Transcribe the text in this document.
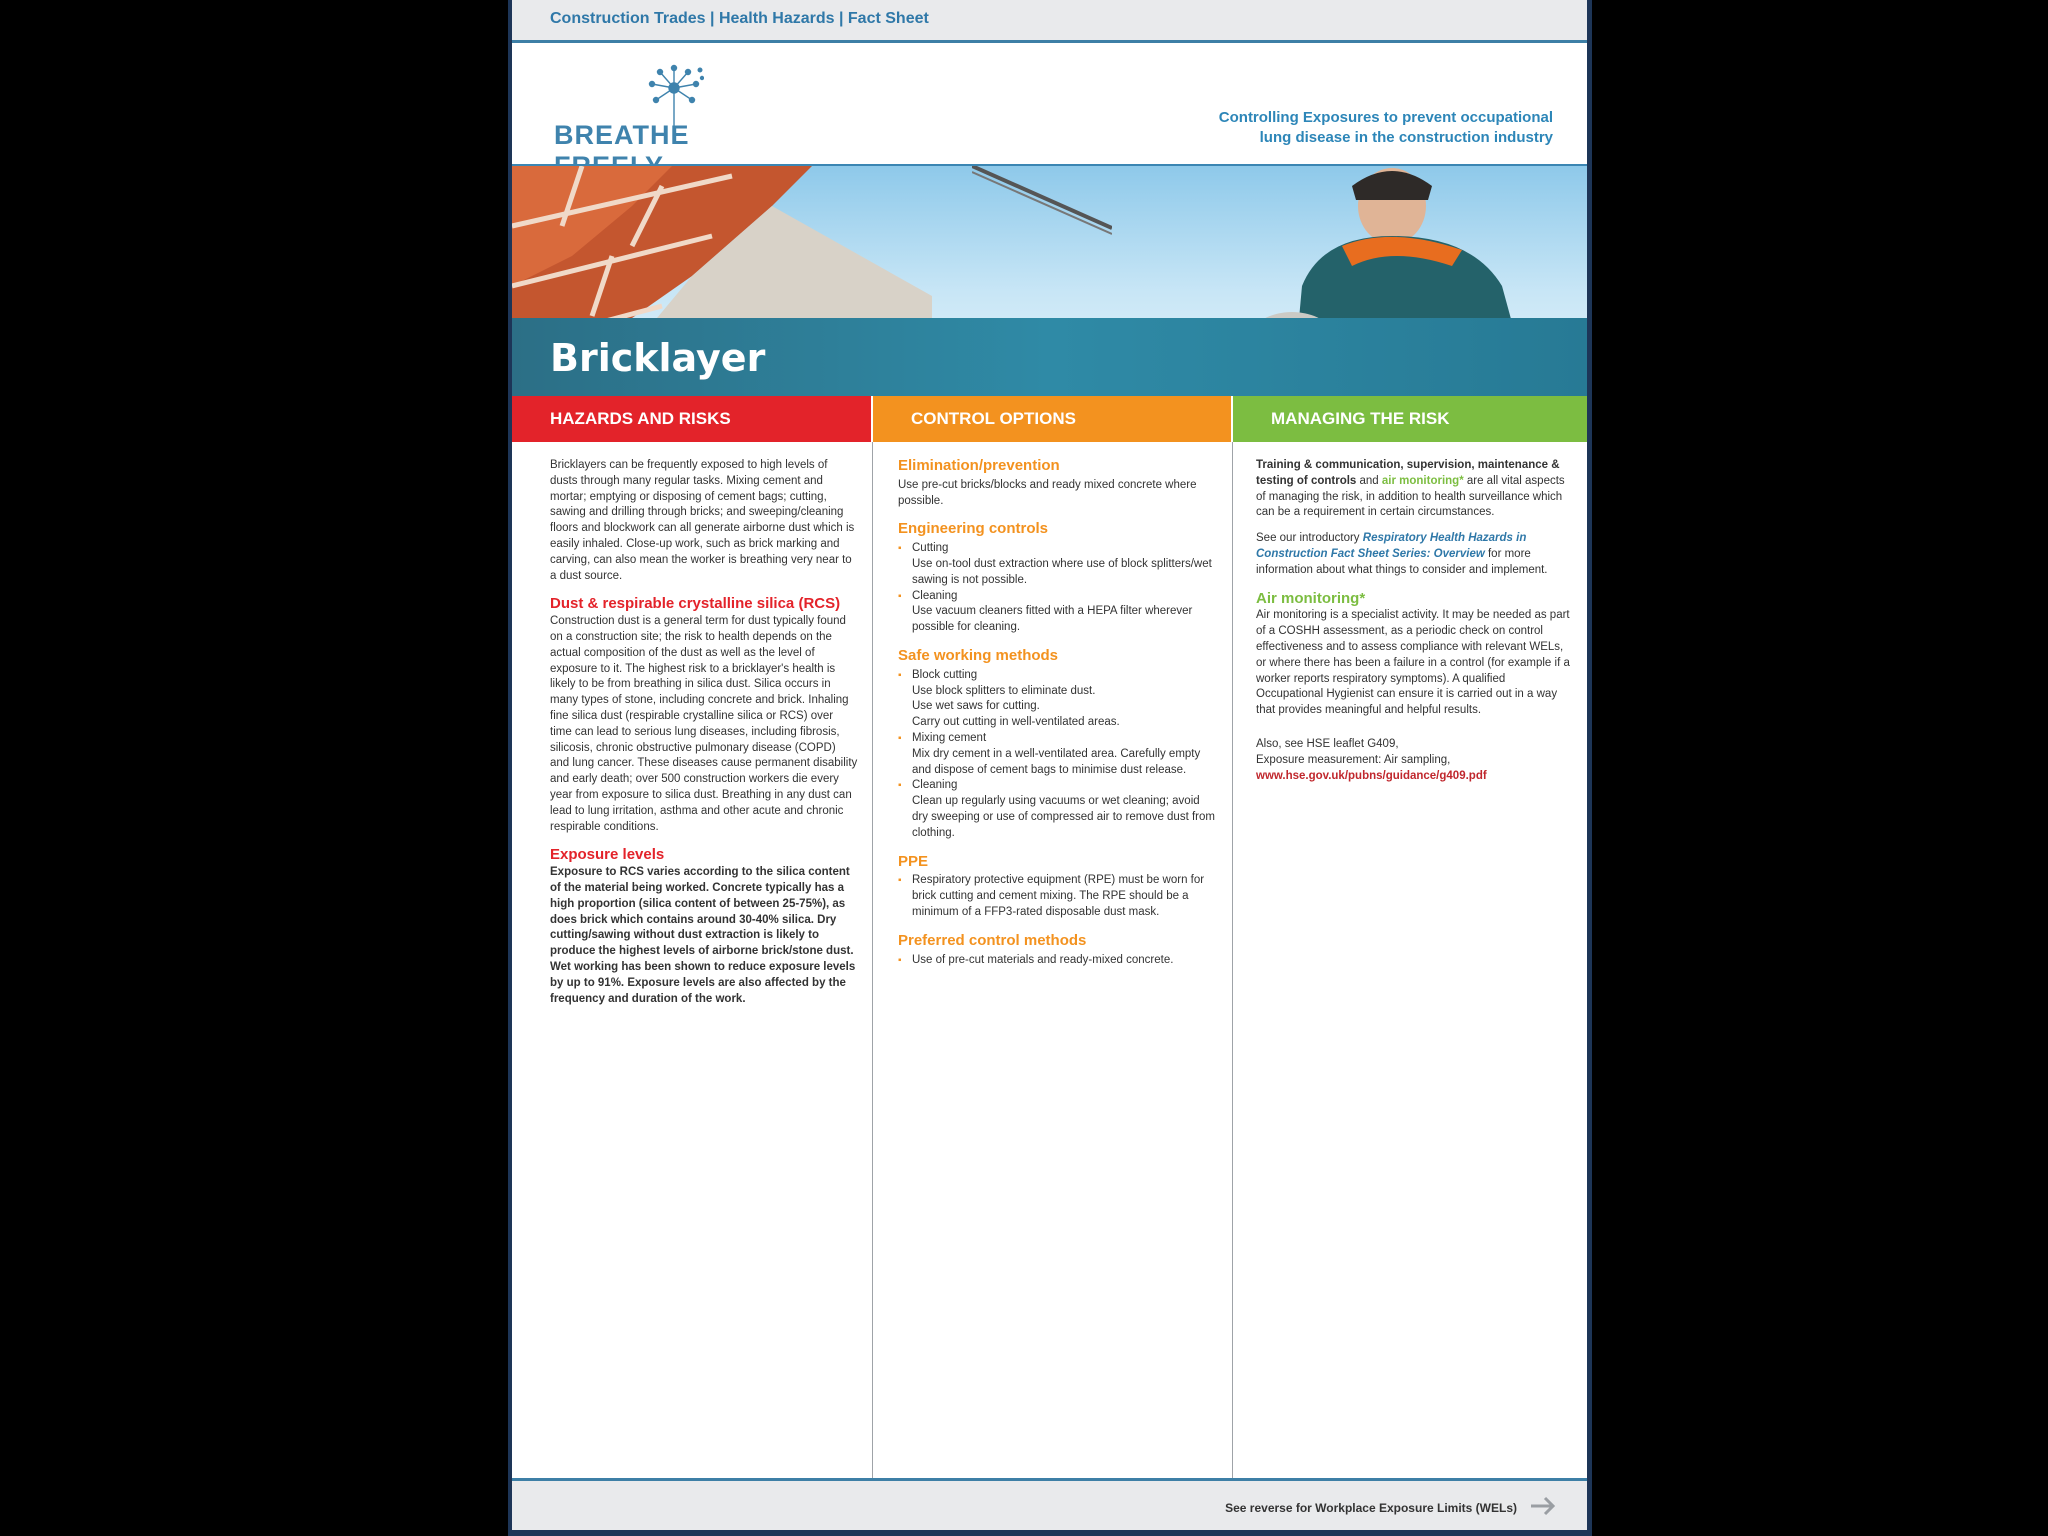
Construction Trades | Health Hazards | Fact Sheet
BREATHE
Controlling Exposures to prevent occupational
lung disease in the construction industry
Bricklayer
HAZARDS AND RISKS	CONTROL OPTIONS	MANAGING THE RISK

Bricklayers can be frequently exposed to high levels of dusts through many regular tasks. Mixing cement and mortar; emptying or disposing of cement bags; cutting, sawing and drilling through bricks; and sweeping/cleaning floors and blockwork can all generate airborne dust which is easily inhaled. Close-up work, such as brick marking and carving, can also mean the worker is breathing very near to a dust source.

Dust & respirable crystalline silica (RCS)

Construction dust is a general term for dust typically found on a construction site; the risk to health depends on the actual composition of the dust as well as the level of exposure to it. The highest risk to a bricklayer's health is likely to be from breathing in silica dust. Silica occurs in many types of stone, including concrete and brick. Inhaling fine silica dust (respirable crystalline silica or RCS) over time can lead to serious lung diseases, including fibrosis, silicosis, chronic obstructive pulmonary disease (COPD) and lung cancer. These diseases cause permanent disability and early death; over 500 construction workers die every year from exposure to silica dust. Breathing in any dust can lead to lung irritation, asthma and other acute and chronic respirable conditions.

Exposure levels

Exposure to RCS varies according to the silica content of the material being worked. Concrete typically has a high proportion (silica content of between 25-75%), as does brick which contains around 30-40% silica. Dry cutting/sawing without dust extraction is likely to produce the highest levels of airborne brick/stone dust. Wet working has been shown to reduce exposure levels by up to 91%. Exposure levels are also affected by the frequency and duration of the work.

Elimination/prevention

Use pre-cut bricks/blocks and ready mixed concrete where possible.

Engineering controls
▪ Cutting
Use on-tool dust extraction where use of block splitters/wet sawing is not possible.
▪ Cleaning
Use vacuum cleaners fitted with a HEPA filter wherever possible for cleaning.
Safe working methods
▪ Block cutting
Use block splitters to eliminate dust.
Use wet saws for cutting.
Carry out cutting in well-ventilated areas.
▪ Mixing cement
Mix dry cement in a well-ventilated area. Carefully empty and dispose of cement bags to minimise dust release.
▪ Cleaning
Clean up regularly using vacuums or wet cleaning; avoid dry sweeping or use of compressed air to remove dust from clothing.
PPE
▪ Respiratory protective equipment (RPE) must be worn for brick cutting and cement mixing. The RPE should be a minimum of a FFP3-rated disposable dust mask.
Preferred control methods
▪ Use of pre-cut materials and ready-mixed concrete.

Training & communication, supervision, maintenance & testing of controls and air monitoring* are all vital aspects of managing the risk, in addition to health surveillance which can be a requirement in certain circumstances.

See our introductory Respiratory Health Hazards in Construction Fact Sheet Series: Overview for more information about what things to consider and implement.

Air monitoring*

Air monitoring is a specialist activity. It may be needed as part of a COSHH assessment, as a periodic check on control effectiveness and to assess compliance with relevant WELs, or where there has been a failure in a control (for example if a worker reports respiratory symptoms). A qualified Occupational Hygienist can ensure it is carried out in a way that provides meaningful and helpful results.

Also, see HSE leaflet G409,
Exposure measurement: Air sampling,
www.hse.gov.uk/pubns/guidance/g409.pdf
See reverse for Workplace Exposure Limits (WELs)
